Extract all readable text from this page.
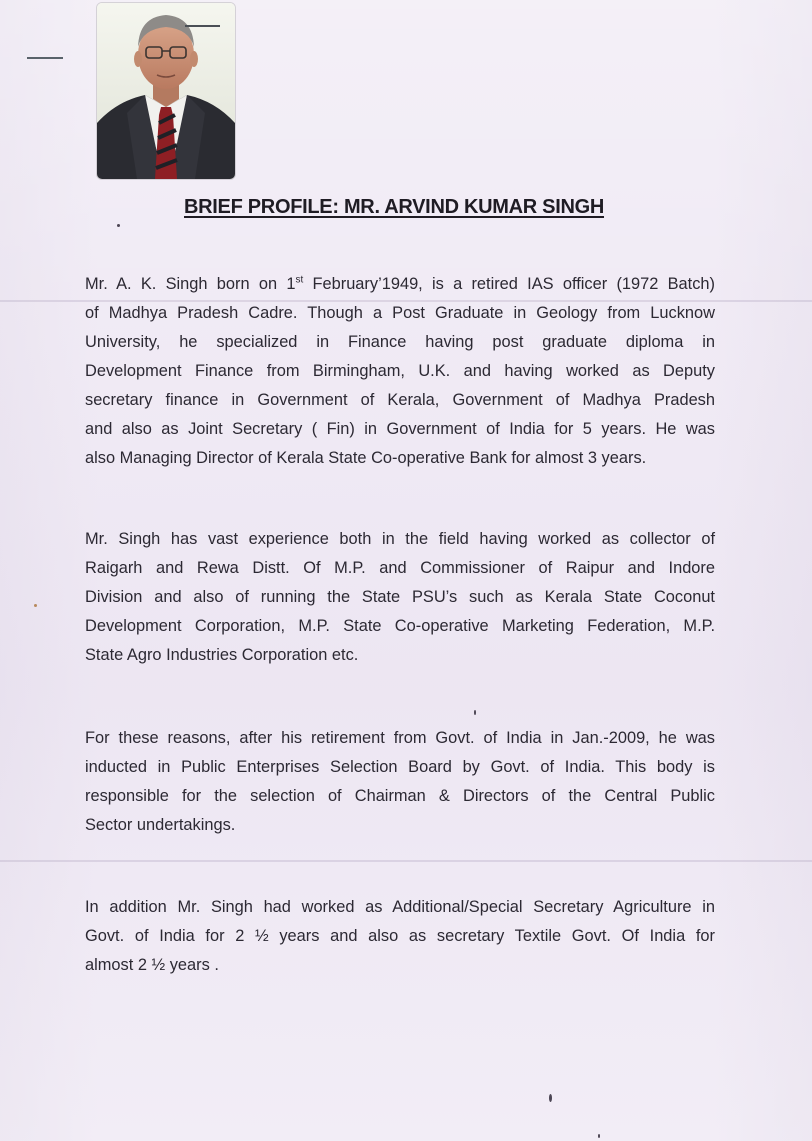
BRIEF PROFILE: MR. ARVIND KUMAR SINGH

Mr. A. K. Singh born on 1st February’1949, is a retired IAS officer (1972 Batch)
of Madhya Pradesh Cadre. Though a Post Graduate in Geology from Lucknow
University, he specialized in Finance having post graduate diploma in
Development Finance from Birmingham, U.K. and having worked as Deputy
secretary finance in Government of Kerala, Government of Madhya Pradesh
and also as Joint Secretary ( Fin) in Government of India for 5 years. He was
also Managing Director of Kerala State Co-operative Bank for almost 3 years.

Mr. Singh has vast experience both in the field having worked as collector of
Raigarh and Rewa Distt. Of M.P. and Commissioner of Raipur and Indore
Division and also of running the State PSU’s such as Kerala State Coconut
Development Corporation, M.P. State Co-operative Marketing Federation, M.P.
State Agro Industries Corporation etc.

For these reasons, after his retirement from Govt. of India in Jan.-2009, he was
inducted in Public Enterprises Selection Board by Govt. of India. This body is
responsible for the selection of Chairman & Directors of the Central Public
Sector undertakings.

In addition Mr. Singh had worked as Additional/Special Secretary Agriculture in
Govt. of India for 2 ½ years and also as secretary Textile Govt. Of India for
almost 2 ½ years .
